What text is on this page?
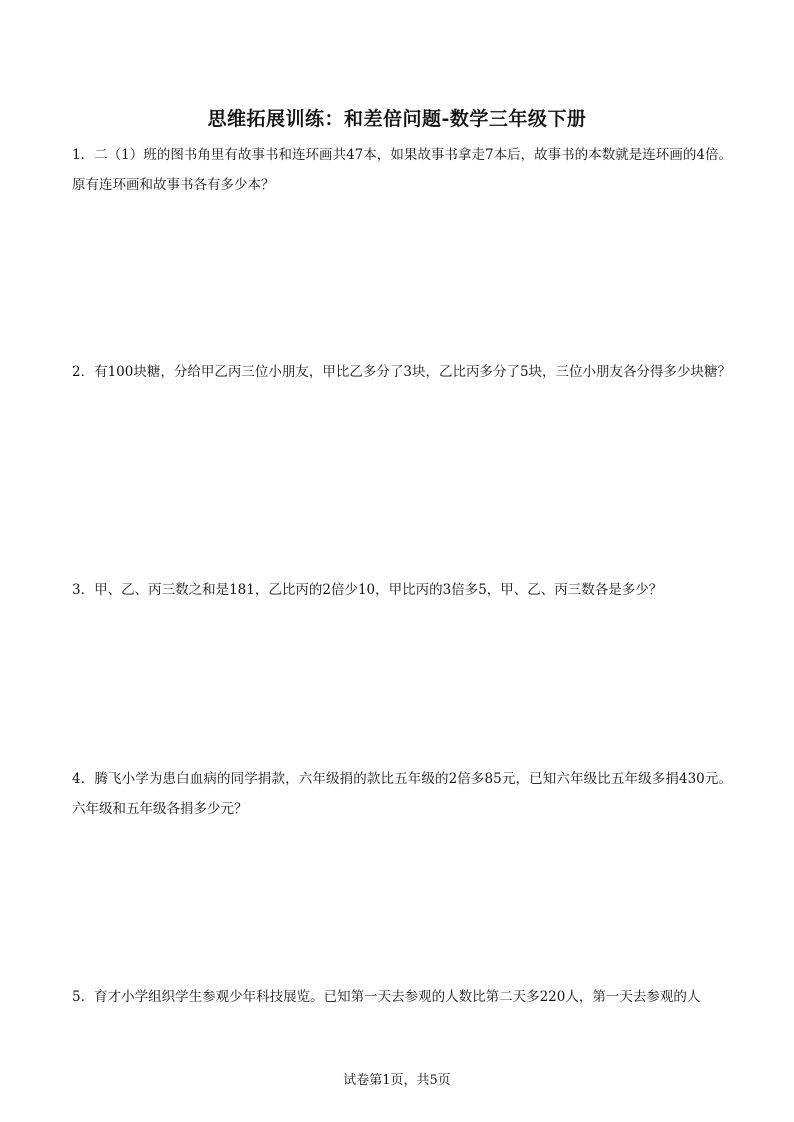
思维拓展训练：和差倍问题-数学三年级下册
1．二（1）班的图书角里有故事书和连环画共47本，如果故事书拿走7本后，故事书的本数就是连环画的4倍。原有连环画和故事书各有多少本？
2．有100块糖，分给甲乙丙三位小朋友，甲比乙多分了3块，乙比丙多分了5块，三位小朋友各分得多少块糖？
3．甲、乙、丙三数之和是181，乙比丙的2倍少10，甲比丙的3倍多5，甲、乙、丙三数各是多少？
4．腾飞小学为患白血病的同学捐款，六年级捐的款比五年级的2倍多85元，已知六年级比五年级多捐430元。六年级和五年级各捐多少元？
5．育才小学组织学生参观少年科技展览。已知第一天去参观的人数比第二天多220人，第一天去参观的人
试卷第1页，共5页
